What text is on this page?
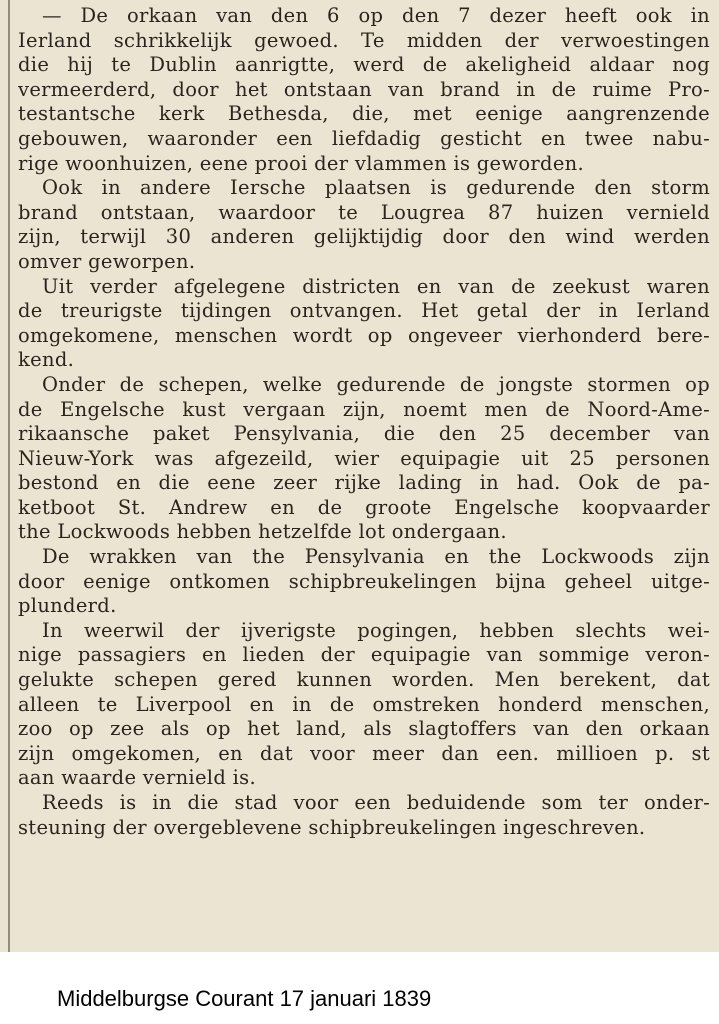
— De orkaan van den 6 op den 7 dezer heeft ook in
Ierland schrikkelijk gewoed. Te midden der verwoestingen
die hij te Dublin aanrigtte, werd de akeligheid aldaar nog
vermeerderd, door het ontstaan van brand in de ruime Pro-
testantsche kerk Bethesda, die, met eenige aangrenzende
gebouwen, waaronder een liefdadig gesticht en twee nabu-
rige woonhuizen, eene prooi der vlammen is geworden.
Ook in andere Iersche plaatsen is gedurende den storm
brand ontstaan, waardoor te Lougrea 87 huizen vernield
zijn, terwijl 30 anderen gelijktijdig door den wind werden
omver geworpen.
Uit verder afgelegene districten en van de zeekust waren
de treurigste tijdingen ontvangen. Het getal der in Ierland
omgekomene, menschen wordt op ongeveer vierhonderd bere-
kend.
Onder de schepen, welke gedurende de jongste stormen op
de Engelsche kust vergaan zijn, noemt men de Noord-Ame-
rikaansche paket Pensylvania, die den 25 december van
Nieuw-York was afgezeild, wier equipagie uit 25 personen
bestond en die eene zeer rijke lading in had. Ook de pa-
ketboot St. Andrew en de groote Engelsche koopvaarder
the Lockwoods hebben hetzelfde lot ondergaan.
De wrakken van the Pensylvania en the Lockwoods zijn
door eenige ontkomen schipbreukelingen bijna geheel uitge-
plunderd.
In weerwil der ijverigste pogingen, hebben slechts wei-
nige passagiers en lieden der equipagie van sommige veron-
gelukte schepen gered kunnen worden. Men berekent, dat
alleen te Liverpool en in de omstreken honderd menschen,
zoo op zee als op het land, als slagtoffers van den orkaan
zijn omgekomen, en dat voor meer dan een. millioen p. st
aan waarde vernield is.
Reeds is in die stad voor een beduidende som ter onder-
steuning der overgeblevene schipbreukelingen ingeschreven.
Middelburgse Courant 17 januari 1839
